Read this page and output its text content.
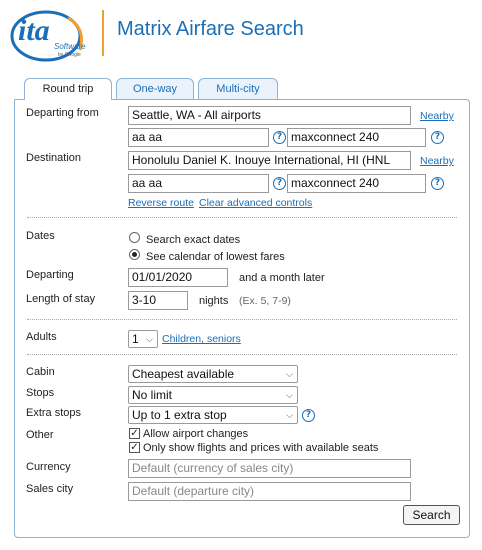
ita Software
by Google
Matrix Airfare Search
Round trip	One-way	Multi-city
Departing from	Seattle, WA - All airports	Nearby
aa aa	? maxconnect 240	?
Destination	Honolulu Daniel K. Inouye International, HI (HNL	Nearby
aa aa	? maxconnect 240	?
Reverse route Clear advanced controls
Dates	Search exact dates
See calendar of lowest fares
Departing	01/01/2020	and a month later
Length of stay	3-10	nights (Ex. 5, 7-9)
Adults	1 ⌵ Children, seniors
Cabin	Cheapest available	⌵
Stops	No limit	⌵
Extra stops	Up to 1 extra stop	⌵	?
Other	✓ Allow airport changes
✓ Only show flights and prices with available seats
Currency	Default (currency of sales city)
Sales city	Default (departure city)
Search
